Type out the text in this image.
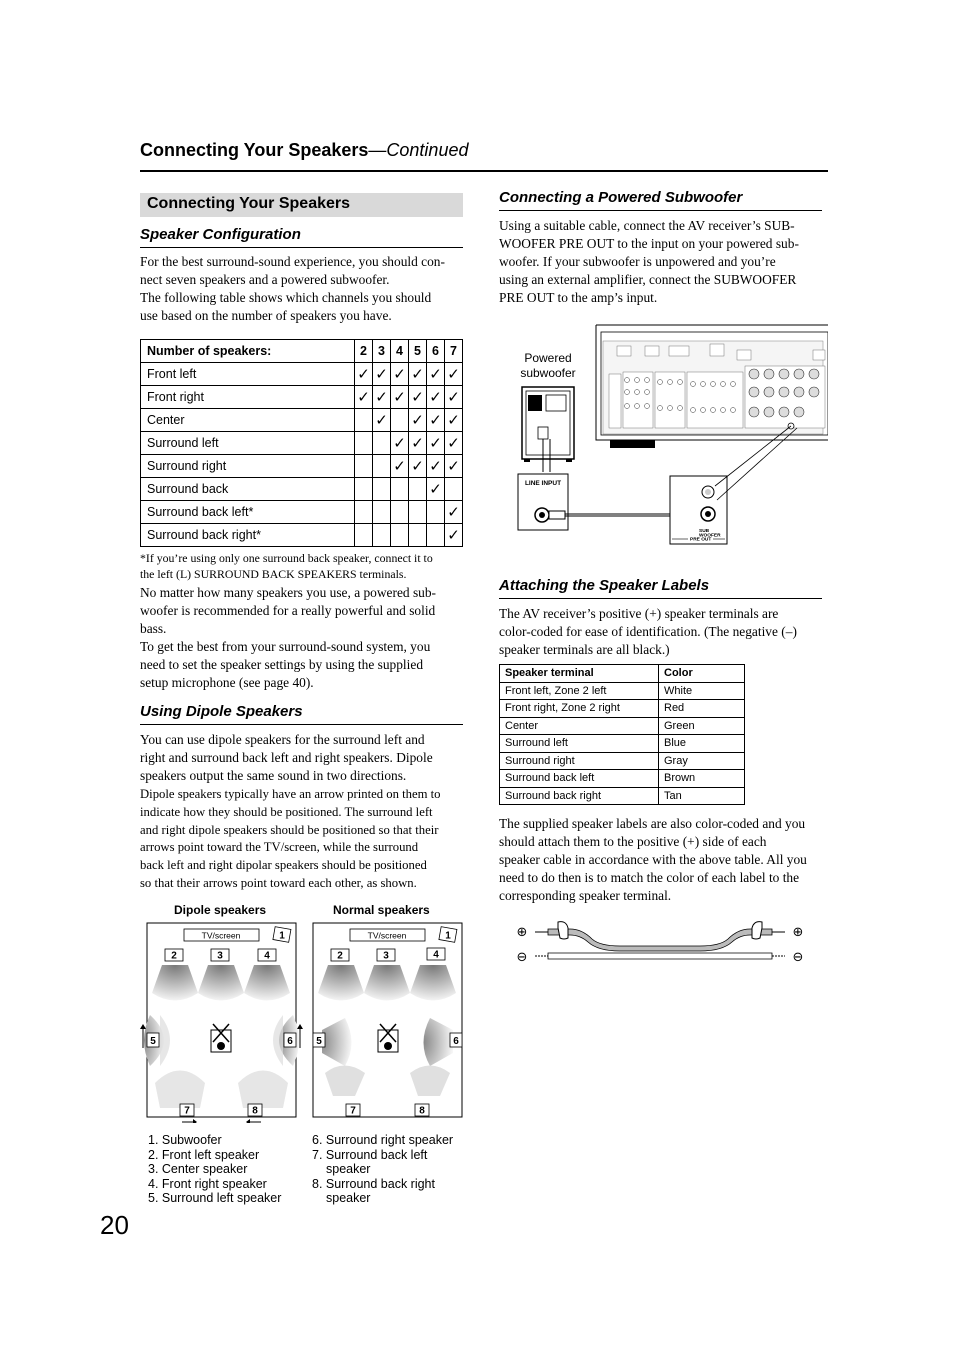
Connecting Your Speakers—Continued
Connecting Your Speakers
Speaker Configuration

For the best surround-sound experience, you should con-

nect seven speakers and a powered subwoofer.

The following table shows which channels you should

use based on the number of speakers you have.

Number of speakers:	2	3	4	5	6	7
Front left	✓	✓	✓	✓	✓	✓
Front right	✓	✓	✓	✓	✓	✓
Center		✓		✓	✓	✓
Surround left			✓	✓	✓	✓
Surround right			✓	✓	✓	✓
Surround back					✓	
Surround back left*						✓
Surround back right*						✓
*If you’re using only one surround back speaker, connect it to
the left (L) SURROUND BACK SPEAKERS terminals.

No matter how many speakers you use, a powered sub-

woofer is recommended for a really powerful and solid

bass.

To get the best from your surround-sound system, you

need to set the speaker settings by using the supplied

setup microphone (see page 40).

Using Dipole Speakers

You can use dipole speakers for the surround left and

right and surround back left and right speakers. Dipole

speakers output the same sound in two directions.

Dipole speakers typically have an arrow printed on them to

indicate how they should be positioned. The surround left

and right dipole speakers should be positioned so that their

arrows point toward the TV/screen, while the surround

back left and right dipolar speakers should be positioned

so that their arrows point toward each other, as shown.

Dipole speakers	Normal speakers
TV/screen	1
2	3	4
5	6
7	8
TV/screen	1
2	3	4
5	6
7	8
1. Subwoofer
2. Front left speaker
3. Center speaker
4. Front right speaker
5. Surround left speaker
6. Surround right speaker
7. Surround back left
speaker
8. Surround back right
speaker
Connecting a Powered Subwoofer

Using a suitable cable, connect the AV receiver’s SUB-

WOOFER PRE OUT to the input on your powered sub-

woofer. If your subwoofer is unpowered and you’re

using an external amplifier, connect the SUBWOOFER

PRE OUT to the amp’s input.

Powered
subwoofer
LINE INPUT
SUB
WOOFER
PRE OUT
Attaching the Speaker Labels

The AV receiver’s positive (+) speaker terminals are

color-coded for ease of identification. (The negative (–)

speaker terminals are all black.)

Speaker terminal	Color
Front left, Zone 2 left	White
Front right, Zone 2 right	Red
Center	Green
Surround left	Blue
Surround right	Gray
Surround back left	Brown
Surround back right	Tan

The supplied speaker labels are also color-coded and you

should attach them to the positive (+) side of each

speaker cable in accordance with the above table. All you

need to do then is to match the color of each label to the

corresponding speaker terminal.

⊕
⊖
⊕
⊖
20
